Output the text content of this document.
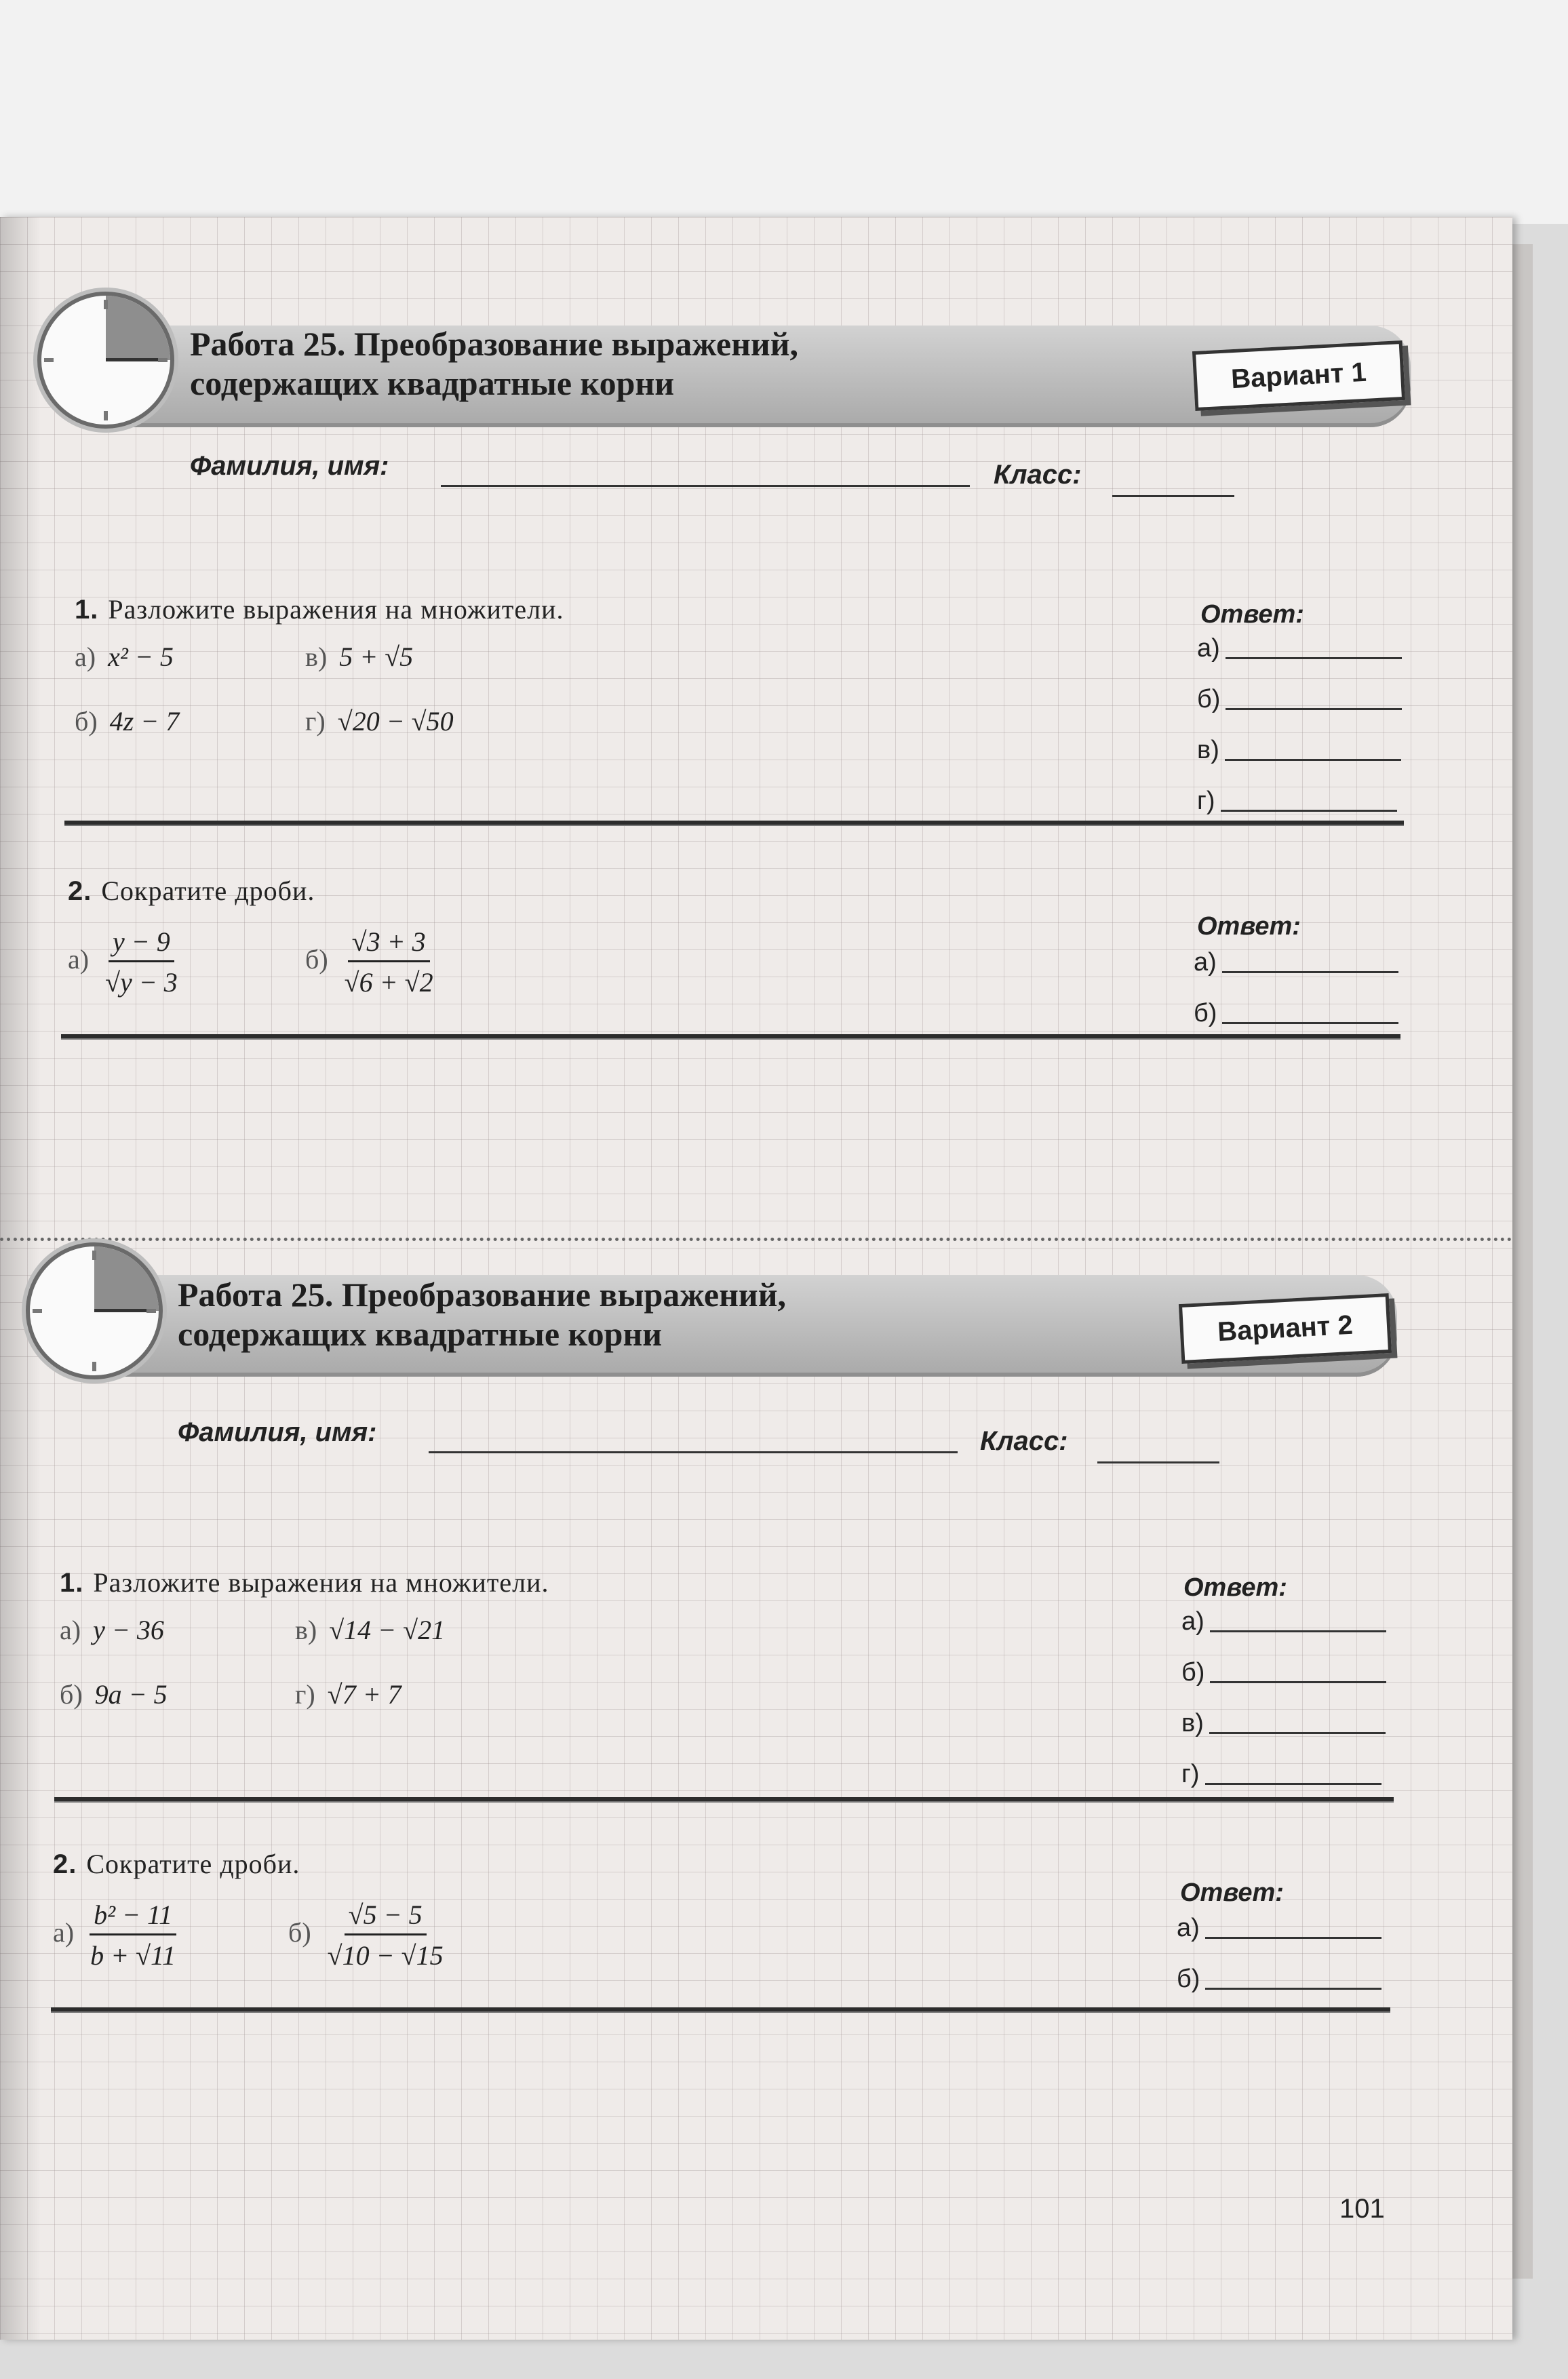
Работа 25. Преобразование выражений,
содержащих квадратные корни	Вариант 1
Фамилия, имя:	Класс:
1. Разложите выражения на множители.
а) x² − 5	в) 5 + √5
б) 4z − 7	г) √20 − √50
Ответ:
а)
б)
в)
г)
2. Сократите дроби.
$а) \frac{y - 9}{√y - 3}$	$б) \frac{√3 + 3}{√6 + √2}$	Ответ:
а)
б)
Работа 25. Преобразование выражений,
содержащих квадратные корни	Вариант 2
Фамилия, имя:	Класс:
1. Разложите выражения на множители.
а) y − 36	в) √14 − √21
б) 9a − 5	г) √7 + 7
Ответ:
а)
б)
в)
г)
2. Сократите дроби.
$а) \frac{\text{b² − 11}}{b + √11}$	$б) \frac{√5 - 5}{√10 - √15}$
Ответ:
а)
б)
101
